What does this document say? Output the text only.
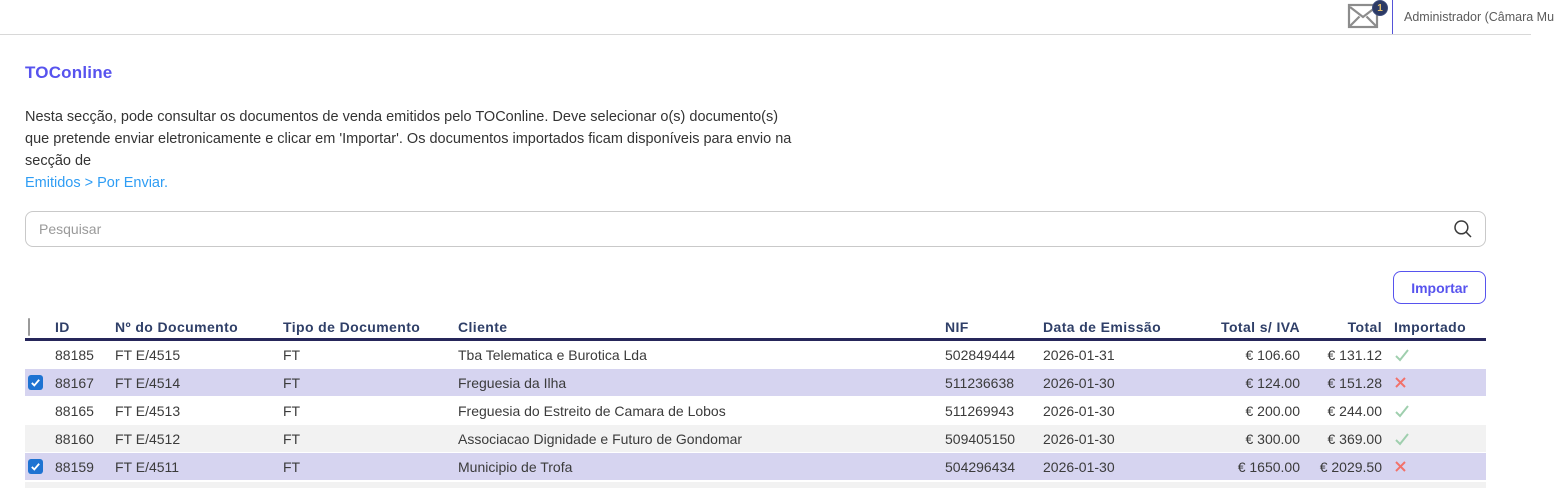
1
Administrador (Câmara Mu
TOConline

Nesta secção, pode consultar os documentos de venda emitidos pelo TOConline. Deve selecionar o(s) documento(s) que pretende enviar eletronicamente e clicar em 'Importar'. Os documentos importados ficam disponíveis para envio na secção de

Emitidos > Por Enviar.
Pesquisar
Importar
ID	Nº do Documento	Tipo de Documento	Cliente	NIF	Data de Emissão	Total s/ IVA	Total Importado
88185	FT E/4515	FT	Tba Telematica e Burotica Lda	502849444	2026-01-31	€ 106.60	€ 131.12
88167	FT E/4514	FT	Freguesia da Ilha	511236638	2026-01-30	€ 124.00	€ 151.28
88165	FT E/4513	FT	Freguesia do Estreito de Camara de Lobos	511269943	2026-01-30	€ 200.00	€ 244.00
88160	FT E/4512	FT	Associacao Dignidade e Futuro de Gondomar	509405150	2026-01-30	€ 300.00	€ 369.00
88159	FT E/4511	FT	Municipio de Trofa	504296434	2026-01-30	€ 1650.00	€ 2029.50
